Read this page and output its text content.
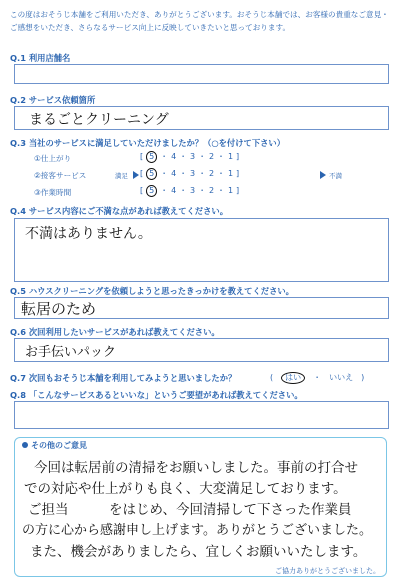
この度はおそうじ本舗をご利用いただき、ありがとうございます。おそうじ本舗では、お客様の貴重なご意見・ご感想をいただき、さらなるサービス向上に反映していきたいと思っております。
Q.1 利用店舗名
Q.2 サービス依頼箇所
まるごとクリーニング
Q.3 当社のサービスに満足していただけましたか？（○を付けて下さい）
①仕上がり	[ 5 ・ 4 ・ 3 ・ 2 ・ 1 ]
②接客サービス	満足 [ 5 ・ 4 ・ 3 ・ 2 ・ 1 ]	不満
③作業時間	[ 5 ・ 4 ・ 3 ・ 2 ・ 1 ]
Q.4 サービス内容にご不満な点があれば教えてください。
不満はありません。
Q.5 ハウスクリーニングを依頼しようと思ったきっかけを教えてください。
転居のため
Q.6 次回利用したいサービスがあれば教えてください。
お手伝いパック
Q.7 次回もおそうじ本舗を利用してみようと思いましたか？	(　はい　 ・　 いいえ　)
Q.8 「こんなサービスあるといいな」というご要望があれば教えてください。
その他のご意見
今回は転居前の清掃をお願いしました。事前の打合せ
での対応や仕上がりも良く、大変満足しております。
ご担当　　　をはじめ、今回清掃して下さった作業員
の方に心から感謝申し上げます。ありがとうございました。
また、機会がありましたら、宜しくお願いいたします。
ご協力ありがとうございました。
